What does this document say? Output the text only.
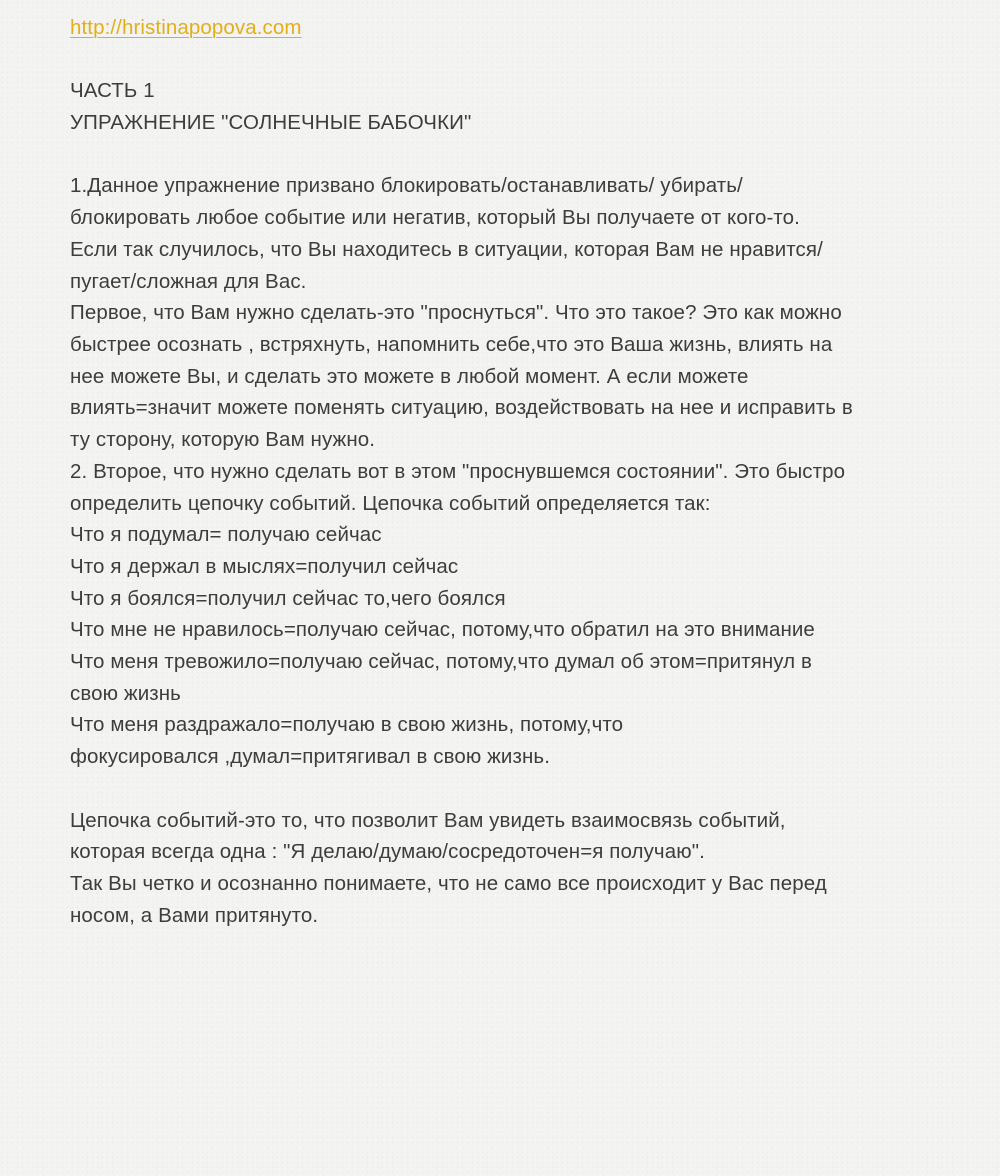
http://hristinapopova.com
ЧАСТЬ 1
УПРАЖНЕНИЕ "СОЛНЕЧНЫЕ БАБОЧКИ"
1.Данное упражнение призвано блокировать/останавливать/ убирать/
блокировать любое событие или негатив, который Вы получаете от кого-то.
Если так случилось, что Вы находитесь в ситуации, которая Вам не нравится/
пугает/сложная для Вас.
Первое, что Вам нужно сделать-это "проснуться". Что это такое? Это как можно
быстрее осознать , встряхнуть, напомнить себе,что это Ваша жизнь, влиять на
нее можете Вы, и сделать это можете в любой момент. А если можете
влиять=значит можете поменять ситуацию, воздействовать на нее и исправить в
ту сторону, которую Вам нужно.
2. Второе, что нужно сделать вот в этом "проснувшемся состоянии". Это быстро
определить цепочку событий. Цепочка событий определяется так:
Что я подумал= получаю сейчас
Что я держал в мыслях=получил сейчас
Что я боялся=получил сейчас то,чего боялся
Что мне не нравилось=получаю сейчас, потому,что обратил на это внимание
Что меня тревожило=получаю сейчас, потому,что думал об этом=притянул в
свою жизнь
Что меня раздражало=получаю в свою жизнь, потому,что
фокусировался ,думал=притягивал в свою жизнь.
Цепочка событий-это то, что позволит Вам увидеть взаимосвязь событий,
которая всегда одна : "Я делаю/думаю/сосредоточен=я получаю".
Так Вы четко и осознанно понимаете, что не само все происходит у Вас перед
носом, а Вами притянуто.
